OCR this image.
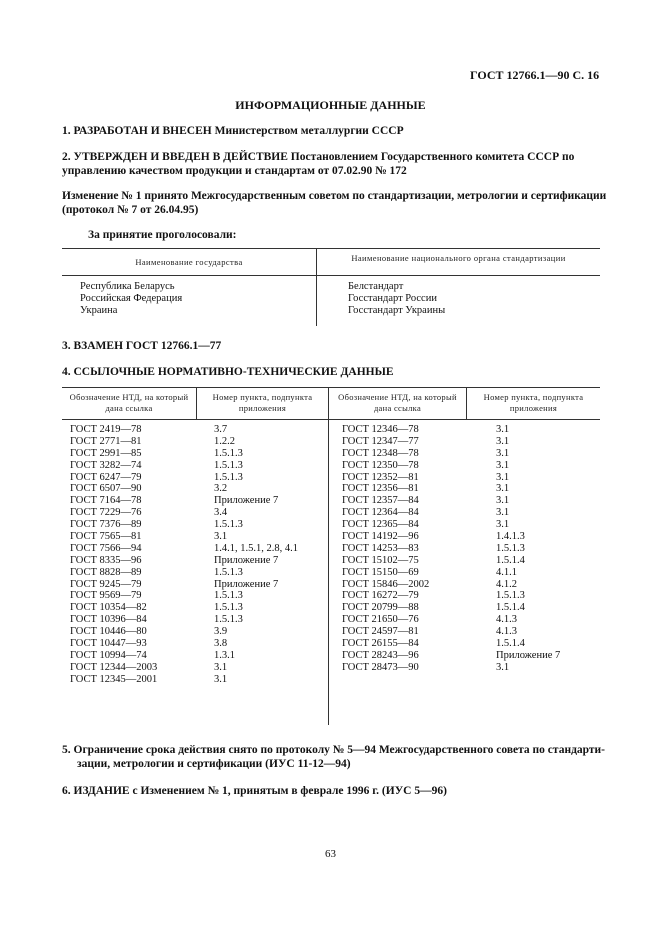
ГОСТ 12766.1—90 С. 16
ИНФОРМАЦИОННЫЕ ДАННЫЕ
1. РАЗРАБОТАН И ВНЕСЕН Министерством металлургии СССР
2. УТВЕРЖДЕН И ВВЕДЕН В ДЕЙСТВИЕ Постановлением Государственного комитета СССР по
управлению качеством продукции и стандартам от 07.02.90 № 172
Изменение № 1 принято Межгосударственным советом по стандартизации, метрологии и сертификации
(протокол № 7 от 26.04.95)
За принятие проголосовали:
Наименование государства	Наименование национального органа стандартизации
Республика Беларусь
Российская Федерация
Украина
Белстандарт
Госстандарт России
Госстандарт Украины
3. ВЗАМЕН ГОСТ 12766.1—77
4. ССЫЛОЧНЫЕ НОРМАТИВНО-ТЕХНИЧЕСКИЕ ДАННЫЕ
Обозначение НТД, на который дана ссылка
Номер пункта, подпункта приложения
Обозначение НТД, на который дана ссылка
Номер пункта, подпункта приложения
ГОСТ 2419—78
ГОСТ 2771—81
ГОСТ 2991—85
ГОСТ 3282—74
ГОСТ 6247—79
ГОСТ 6507—90
ГОСТ 7164—78
ГОСТ 7229—76
ГОСТ 7376—89
ГОСТ 7565—81
ГОСТ 7566—94
ГОСТ 8335—96
ГОСТ 8828—89
ГОСТ 9245—79
ГОСТ 9569—79
ГОСТ 10354—82
ГОСТ 10396—84
ГОСТ 10446—80
ГОСТ 10447—93
ГОСТ 10994—74
ГОСТ 12344—2003
ГОСТ 12345—2001
3.7
1.2.2
1.5.1.3
1.5.1.3
1.5.1.3
3.2
Приложение 7
3.4
1.5.1.3
3.1
1.4.1, 1.5.1, 2.8, 4.1
Приложение 7
1.5.1.3
Приложение 7
1.5.1.3
1.5.1.3
1.5.1.3
3.9
3.8
1.3.1
3.1
3.1
ГОСТ 12346—78
ГОСТ 12347—77
ГОСТ 12348—78
ГОСТ 12350—78
ГОСТ 12352—81
ГОСТ 12356—81
ГОСТ 12357—84
ГОСТ 12364—84
ГОСТ 12365—84
ГОСТ 14192—96
ГОСТ 14253—83
ГОСТ 15102—75
ГОСТ 15150—69
ГОСТ 15846—2002
ГОСТ 16272—79
ГОСТ 20799—88
ГОСТ 21650—76
ГОСТ 24597—81
ГОСТ 26155—84
ГОСТ 28243—96
ГОСТ 28473—90
3.1
3.1
3.1
3.1
3.1
3.1
3.1
3.1
3.1
1.4.1.3
1.5.1.3
1.5.1.4
4.1.1
4.1.2
1.5.1.3
1.5.1.4
4.1.3
4.1.3
1.5.1.4
Приложение 7
3.1
5. Ограничение срока действия снято по протоколу № 5—94 Межгосударственного совета по стандарти-
зации, метрологии и сертификации (ИУС 11-12—94)
6. ИЗДАНИЕ с Изменением № 1, принятым в феврале 1996 г. (ИУС 5—96)
63
